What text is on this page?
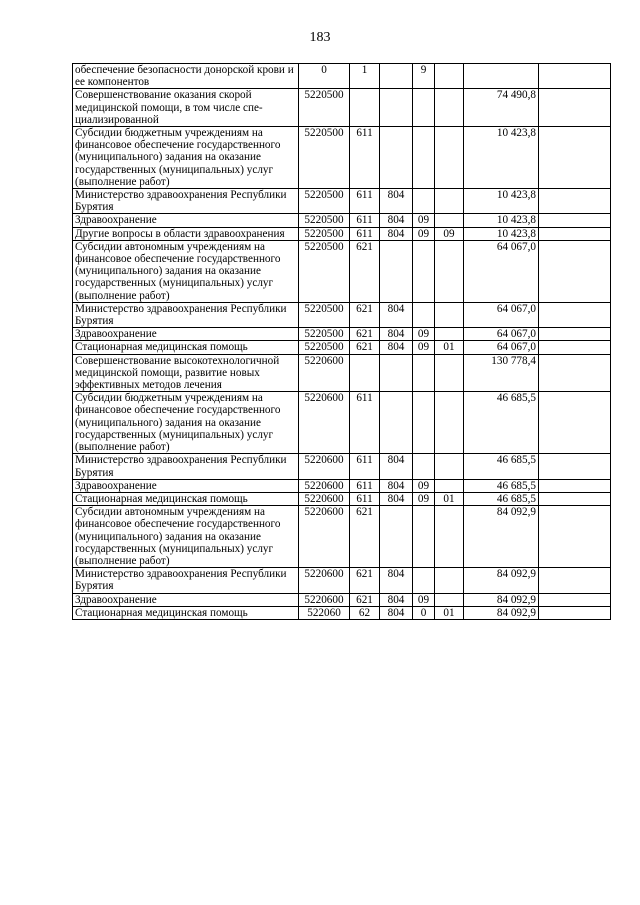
183
обеспечение безопасности донорской крови и ее компонентов	0	1		9			
Совершенствование оказания скорой медицинской помощи, в том числе специализированной	5220500					74 490,8	
Субсидии бюджетным учреждениям на финансовое обеспечение государственного (муниципального) задания на оказание государственных (муниципальных) услуг (выполнение работ)	5220500	611				10 423,8	
Министерство здравоохранения Республики Бурятия	5220500	611	804			10 423,8	
Здравоохранение	5220500	611	804	09		10 423,8	
Другие вопросы в области здравоохранения	5220500	611	804	09	09	10 423,8	
Субсидии автономным учреждениям на финансовое обеспечение государственного (муниципального) задания на оказание государственных (муниципальных) услуг (выполнение работ)	5220500	621				64 067,0	
Министерство здравоохранения Республики Бурятия	5220500	621	804			64 067,0	
Здравоохранение	5220500	621	804	09		64 067,0	
Стационарная медицинская помощь	5220500	621	804	09	01	64 067,0	
Совершенствование высокотехнологичной медицинской помощи, развитие новых эффективных методов лечения	5220600					130 778,4	
Субсидии бюджетным учреждениям на финансовое обеспечение государственного (муниципального) задания на оказание государственных (муниципальных) услуг (выполнение работ)	5220600	611				46 685,5	
Министерство здравоохранения Республики Бурятия	5220600	611	804			46 685,5	
Здравоохранение	5220600	611	804	09		46 685,5	
Стационарная медицинская помощь	5220600	611	804	09	01	46 685,5	
Субсидии автономным учреждениям на финансовое обеспечение государственного (муниципального) задания на оказание государственных (муниципальных) услуг (выполнение работ)	5220600	621				84 092,9	
Министерство здравоохранения Республики Бурятия	5220600	621	804			84 092,9	
Здравоохранение	5220600	621	804	09		84 092,9	
Стационарная медицинская помощь	522060	62	804	0	01	84 092,9	
